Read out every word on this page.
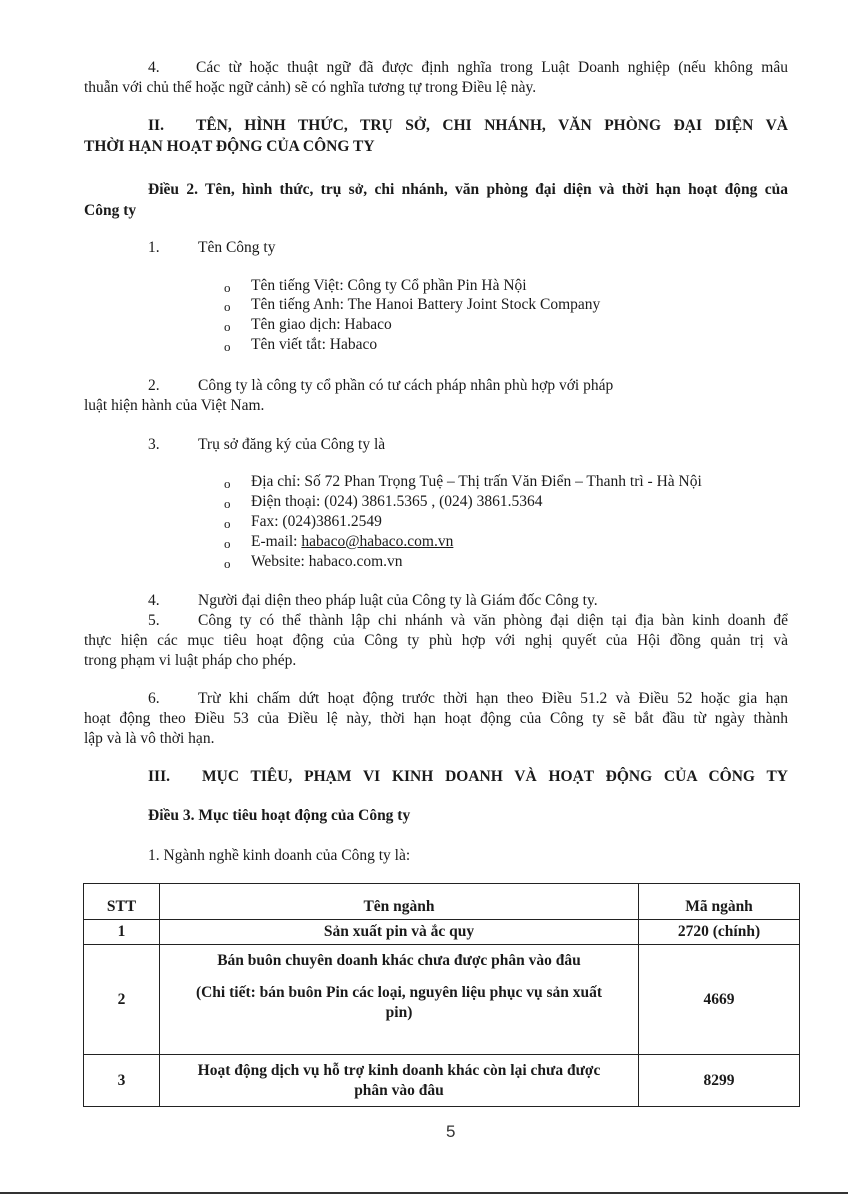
4. Các từ hoặc thuật ngữ đã được định nghĩa trong Luật Doanh nghiệp (nếu không mâu
thuẫn với chủ thể hoặc ngữ cảnh) sẽ có nghĩa tương tự trong Điều lệ này.
II. TÊN, HÌNH THỨC, TRỤ SỞ, CHI NHÁNH, VĂN PHÒNG ĐẠI DIỆN VÀ
THỜI HẠN HOẠT ĐỘNG CỦA CÔNG TY
Điều 2. Tên, hình thức, trụ sở, chi nhánh, văn phòng đại diện và thời hạn hoạt động của
Công ty
1. Tên Công ty
o Tên tiếng Việt: Công ty Cổ phần Pin Hà Nội
o Tên tiếng Anh: The Hanoi Battery Joint Stock Company
o Tên giao dịch: Habaco
o Tên viết tắt: Habaco
2. Công ty là công ty cổ phần có tư cách pháp nhân phù hợp với pháp
luật hiện hành của Việt Nam.
3. Trụ sở đăng ký của Công ty là
o Địa chỉ: Số 72 Phan Trọng Tuệ – Thị trấn Văn Điển – Thanh trì - Hà Nội
o Điện thoại: (024) 3861.5365 , (024) 3861.5364
o Fax: (024)3861.2549
o E-mail: habaco@habaco.com.vn
o Website: habaco.com.vn
4. Người đại diện theo pháp luật của Công ty là Giám đốc Công ty.
5. Công ty có thể thành lập chi nhánh và văn phòng đại diện tại địa bàn kinh doanh để
thực hiện các mục tiêu hoạt động của Công ty phù hợp với nghị quyết của Hội đồng quản trị và
trong phạm vi luật pháp cho phép.
6. Trừ khi chấm dứt hoạt động trước thời hạn theo Điều 51.2 và Điều 52 hoặc gia hạn
hoạt động theo Điều 53 của Điều lệ này, thời hạn hoạt động của Công ty sẽ bắt đầu từ ngày thành
lập và là vô thời hạn.
III. MỤC TIÊU, PHẠM VI KINH DOANH VÀ HOẠT ĐỘNG CỦA CÔNG TY
Điều 3. Mục tiêu hoạt động của Công ty
1. Ngành nghề kinh doanh của Công ty là:
STT	Tên ngành	Mã ngành
1	Sản xuất pin và ắc quy	2720 (chính)
2	Bán buôn chuyên doanh khác chưa được phân vào đâu
(Chi tiết: bán buôn Pin các loại, nguyên liệu phục vụ sản xuất
pin)	4669
3	Hoạt động dịch vụ hỗ trợ kinh doanh khác còn lại chưa được
phân vào đâu	8299
5
